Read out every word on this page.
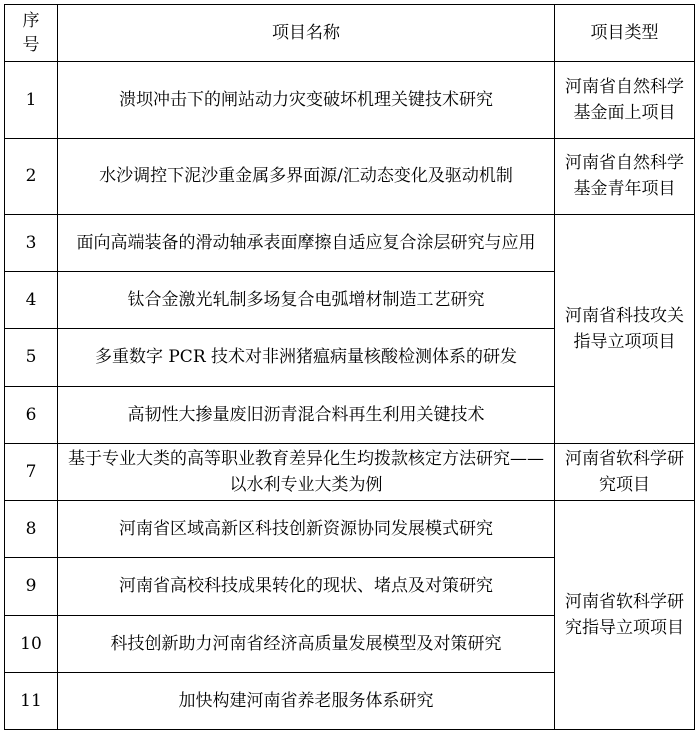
序号	项目名称	项目类型
1	溃坝冲击下的闸站动力灾变破坏机理关键技术研究	河南省自然科学基金面上项目
2	水沙调控下泥沙重金属多界面源/汇动态变化及驱动机制	河南省自然科学基金青年项目
3	面向高端装备的滑动轴承表面摩擦自适应复合涂层研究与应用	河南省科技攻关指导立项项目
4	钛合金激光轧制多场复合电弧增材制造工艺研究	
5	多重数字 PCR 技术对非洲猪瘟病量核酸检测体系的研发	
6	高韧性大掺量废旧沥青混合料再生利用关键技术	
7	基于专业大类的高等职业教育差异化生均拨款核定方法研究——以水利专业大类为例	河南省软科学研究项目
8	河南省区域高新区科技创新资源协同发展模式研究	河南省软科学研究指导立项项目
9	河南省高校科技成果转化的现状、堵点及对策研究	
10	科技创新助力河南省经济高质量发展模型及对策研究	
11	加快构建河南省养老服务体系研究	
